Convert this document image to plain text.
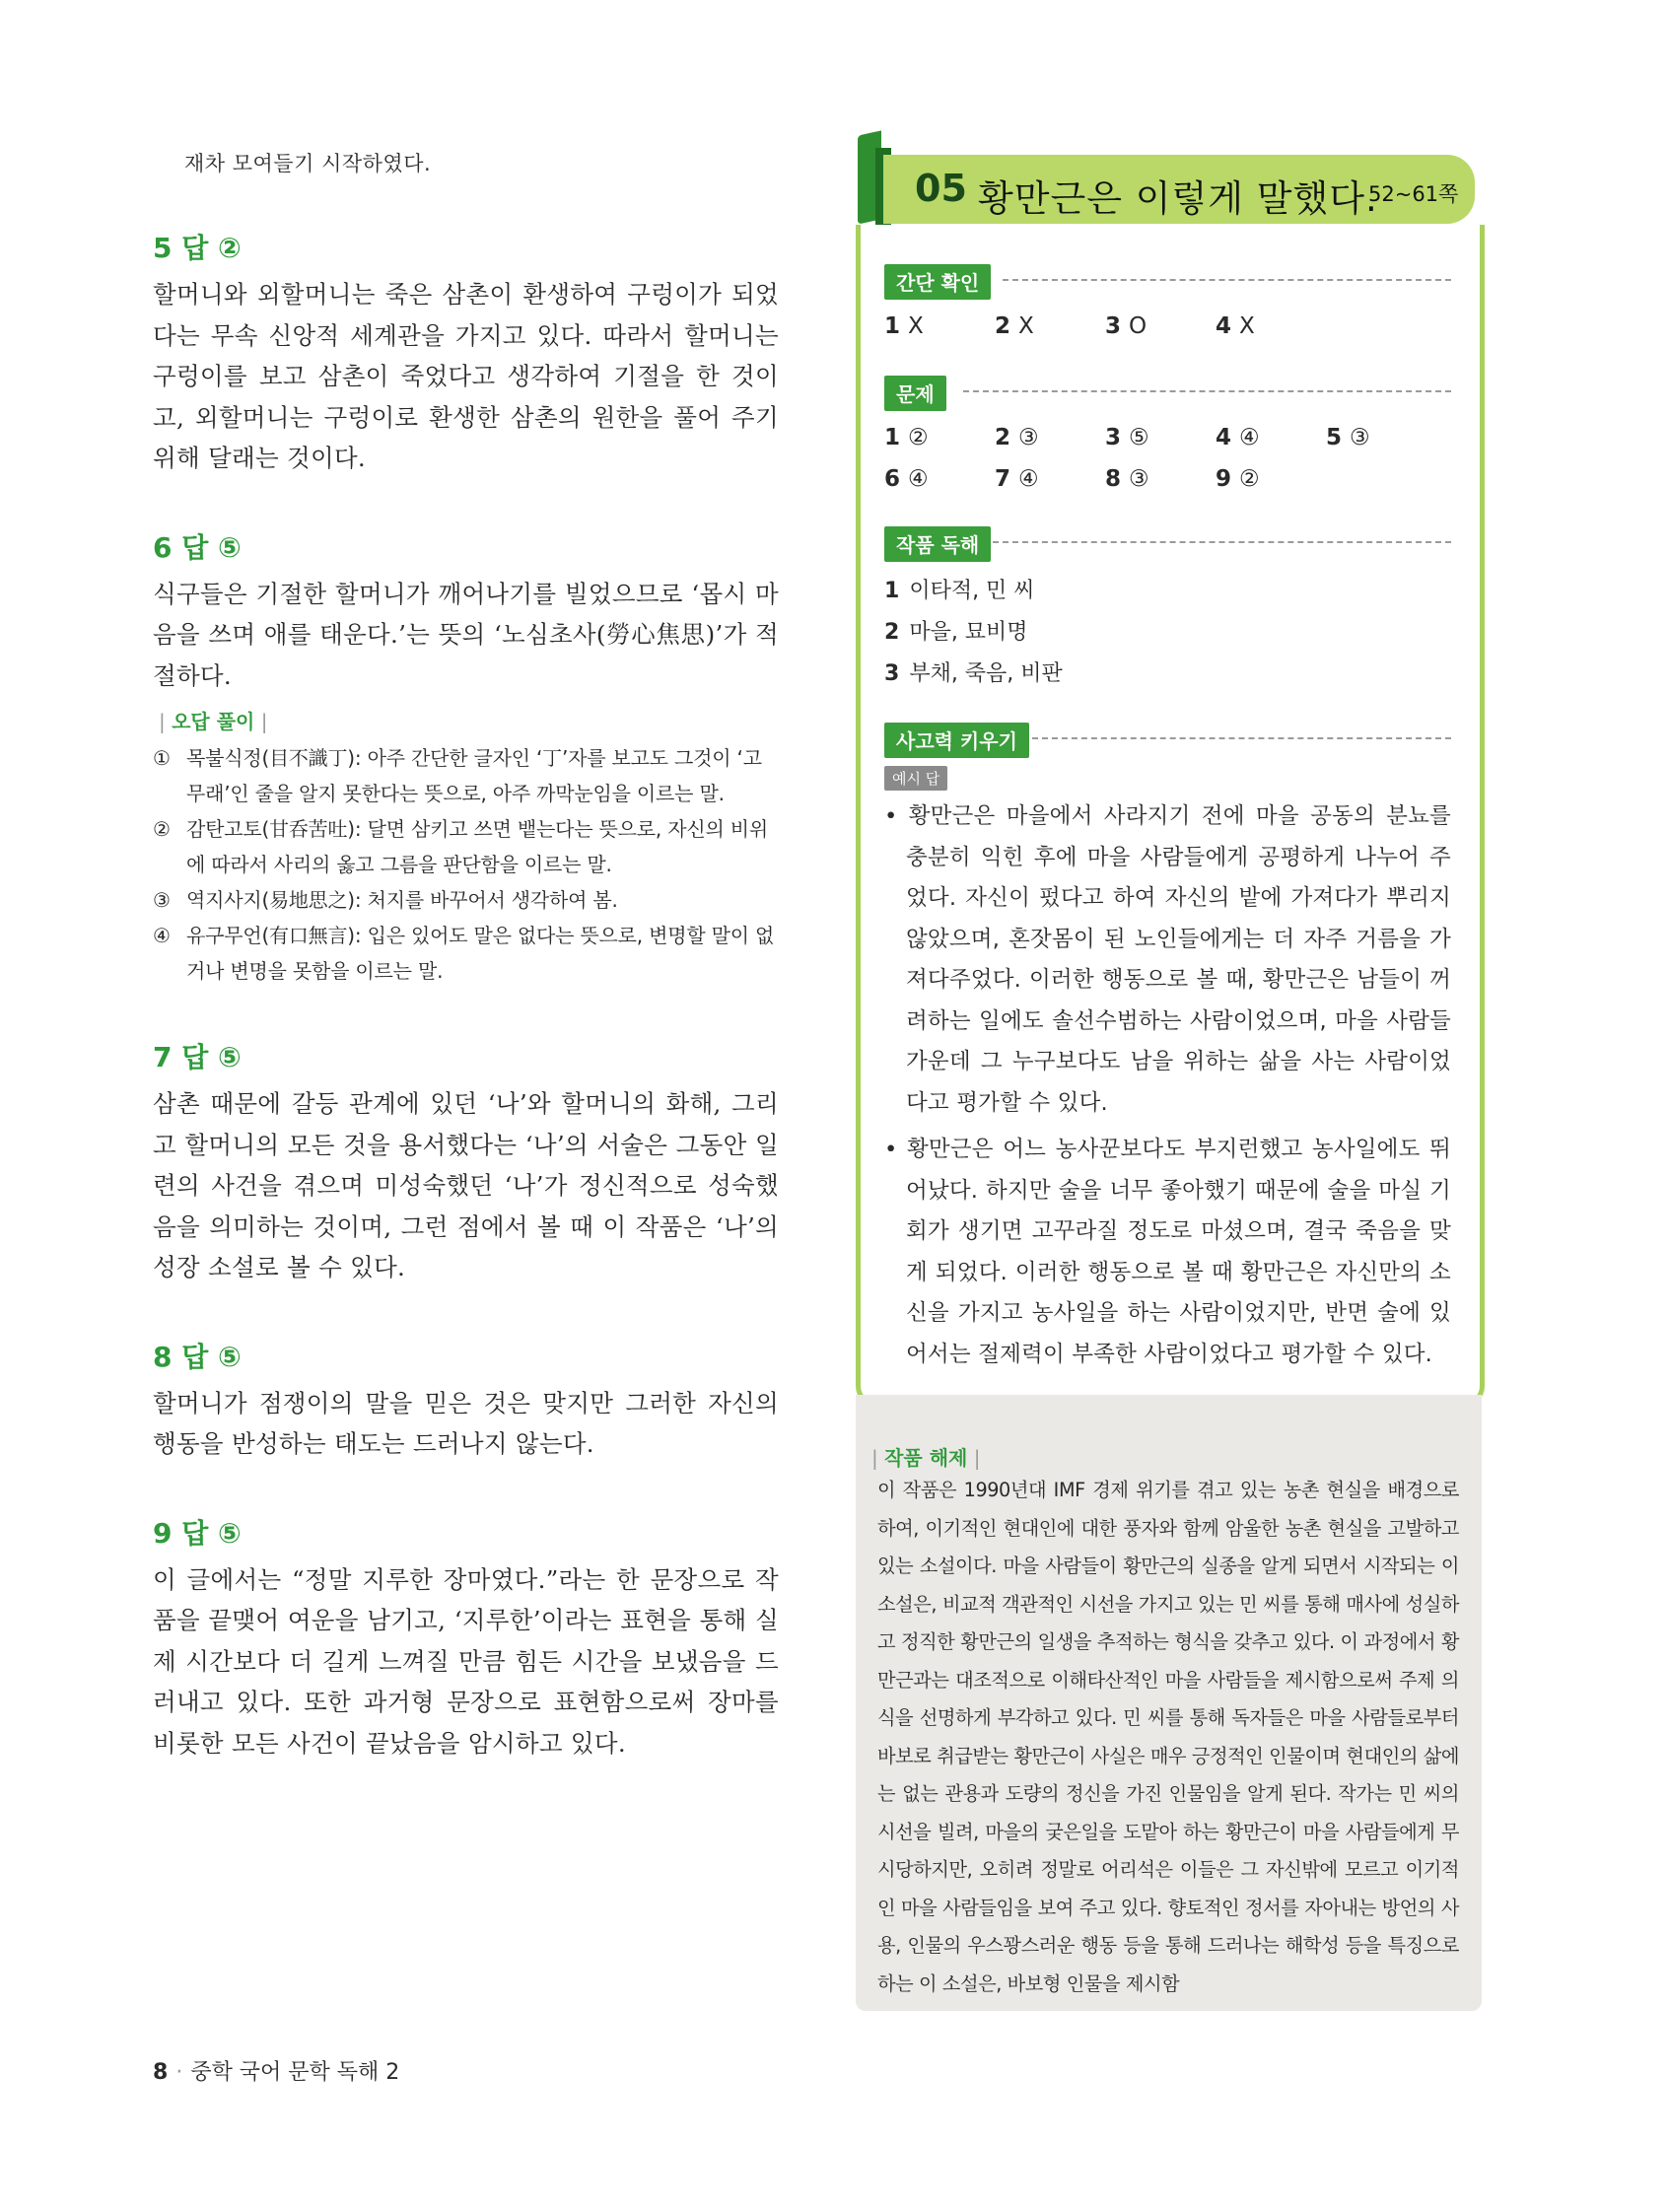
재차 모여들기 시작하였다.
5 답 ②
할머니와 외할머니는 죽은 삼촌이 환생하여 구렁이가 되었다는 무속 신앙적 세계관을 가지고 있다. 따라서 할머니는 구렁이를 보고 삼촌이 죽었다고 생각하여 기절을 한 것이고, 외할머니는 구렁이로 환생한 삼촌의 원한을 풀어 주기 위해 달래는 것이다.
6 답 ⑤
식구들은 기절한 할머니가 깨어나기를 빌었으므로 ‘몹시 마음을 쓰며 애를 태운다.’는 뜻의 ‘노심초사(勞心焦思)’가 적절하다.
| 오답 풀이 |
① 목불식정(目不識丁): 아주 간단한 글자인 ‘丁’자를 보고도 그것이 ‘고무래’인 줄을 알지 못한다는 뜻으로, 아주 까막눈임을 이르는 말.
② 감탄고토(甘呑苦吐): 달면 삼키고 쓰면 뱉는다는 뜻으로, 자신의 비위에 따라서 사리의 옳고 그름을 판단함을 이르는 말.
③ 역지사지(易地思之): 처지를 바꾸어서 생각하여 봄.
④ 유구무언(有口無言): 입은 있어도 말은 없다는 뜻으로, 변명할 말이 없거나 변명을 못함을 이르는 말.
7 답 ⑤
삼촌 때문에 갈등 관계에 있던 ‘나’와 할머니의 화해, 그리고 할머니의 모든 것을 용서했다는 ‘나’의 서술은 그동안 일련의 사건을 겪으며 미성숙했던 ‘나’가 정신적으로 성숙했음을 의미하는 것이며, 그런 점에서 볼 때 이 작품은 ‘나’의 성장 소설로 볼 수 있다.
8 답 ⑤
할머니가 점쟁이의 말을 믿은 것은 맞지만 그러한 자신의 행동을 반성하는 태도는 드러나지 않는다.
9 답 ⑤
이 글에서는 “정말 지루한 장마였다.”라는 한 문장으로 작품을 끝맺어 여운을 남기고, ‘지루한’이라는 표현을 통해 실제 시간보다 더 길게 느껴질 만큼 힘든 시간을 보냈음을 드러내고 있다. 또한 과거형 문장으로 표현함으로써 장마를 비롯한 모든 사건이 끝났음을 암시하고 있다.
8 · 중학 국어 문학 독해 2
05 황만근은 이렇게 말했다.
52~61쪽
간단 확인
1 X	2 X	3 O	4 X
문제
1 ②	2 ③	3 ⑤	4 ④	5 ③
6 ④	7 ④	8 ③	9 ②
작품 독해
1 이타적, 민 씨
2 마을, 묘비명
3 부채, 죽음, 비판
사고력 키우기
예시 답
• 황만근은 마을에서 사라지기 전에 마을 공동의 분뇨를 충분히 익힌 후에 마을 사람들에게 공평하게 나누어 주었다. 자신이 펐다고 하여 자신의 밭에 가져다가 뿌리지 않았으며, 혼잣몸이 된 노인들에게는 더 자주 거름을 가져다주었다. 이러한 행동으로 볼 때, 황만근은 남들이 꺼려하는 일에도 솔선수범하는 사람이었으며, 마을 사람들 가운데 그 누구보다도 남을 위하는 삶을 사는 사람이었다고 평가할 수 있다.
• 황만근은 어느 농사꾼보다도 부지런했고 농사일에도 뛰어났다. 하지만 술을 너무 좋아했기 때문에 술을 마실 기회가 생기면 고꾸라질 정도로 마셨으며, 결국 죽음을 맞게 되었다. 이러한 행동으로 볼 때 황만근은 자신만의 소신을 가지고 농사일을 하는 사람이었지만, 반면 술에 있어서는 절제력이 부족한 사람이었다고 평가할 수 있다.
| 작품 해제 |
이 작품은 1990년대 IMF 경제 위기를 겪고 있는 농촌 현실을 배경으로 하여, 이기적인 현대인에 대한 풍자와 함께 암울한 농촌 현실을 고발하고 있는 소설이다. 마을 사람들이 황만근의 실종을 알게 되면서 시작되는 이 소설은, 비교적 객관적인 시선을 가지고 있는 민 씨를 통해 매사에 성실하고 정직한 황만근의 일생을 추적하는 형식을 갖추고 있다. 이 과정에서 황만근과는 대조적으로 이해타산적인 마을 사람들을 제시함으로써 주제 의식을 선명하게 부각하고 있다. 민 씨를 통해 독자들은 마을 사람들로부터 바보로 취급받는 황만근이 사실은 매우 긍정적인 인물이며 현대인의 삶에는 없는 관용과 도량의 정신을 가진 인물임을 알게 된다. 작가는 민 씨의 시선을 빌려, 마을의 궂은일을 도맡아 하는 황만근이 마을 사람들에게 무시당하지만, 오히려 정말로 어리석은 이들은 그 자신밖에 모르고 이기적인 마을 사람들임을 보여 주고 있다. 향토적인 정서를 자아내는 방언의 사용, 인물의 우스꽝스러운 행동 등을 통해 드러나는 해학성 등을 특징으로 하는 이 소설은, 바보형 인물을 제시함
